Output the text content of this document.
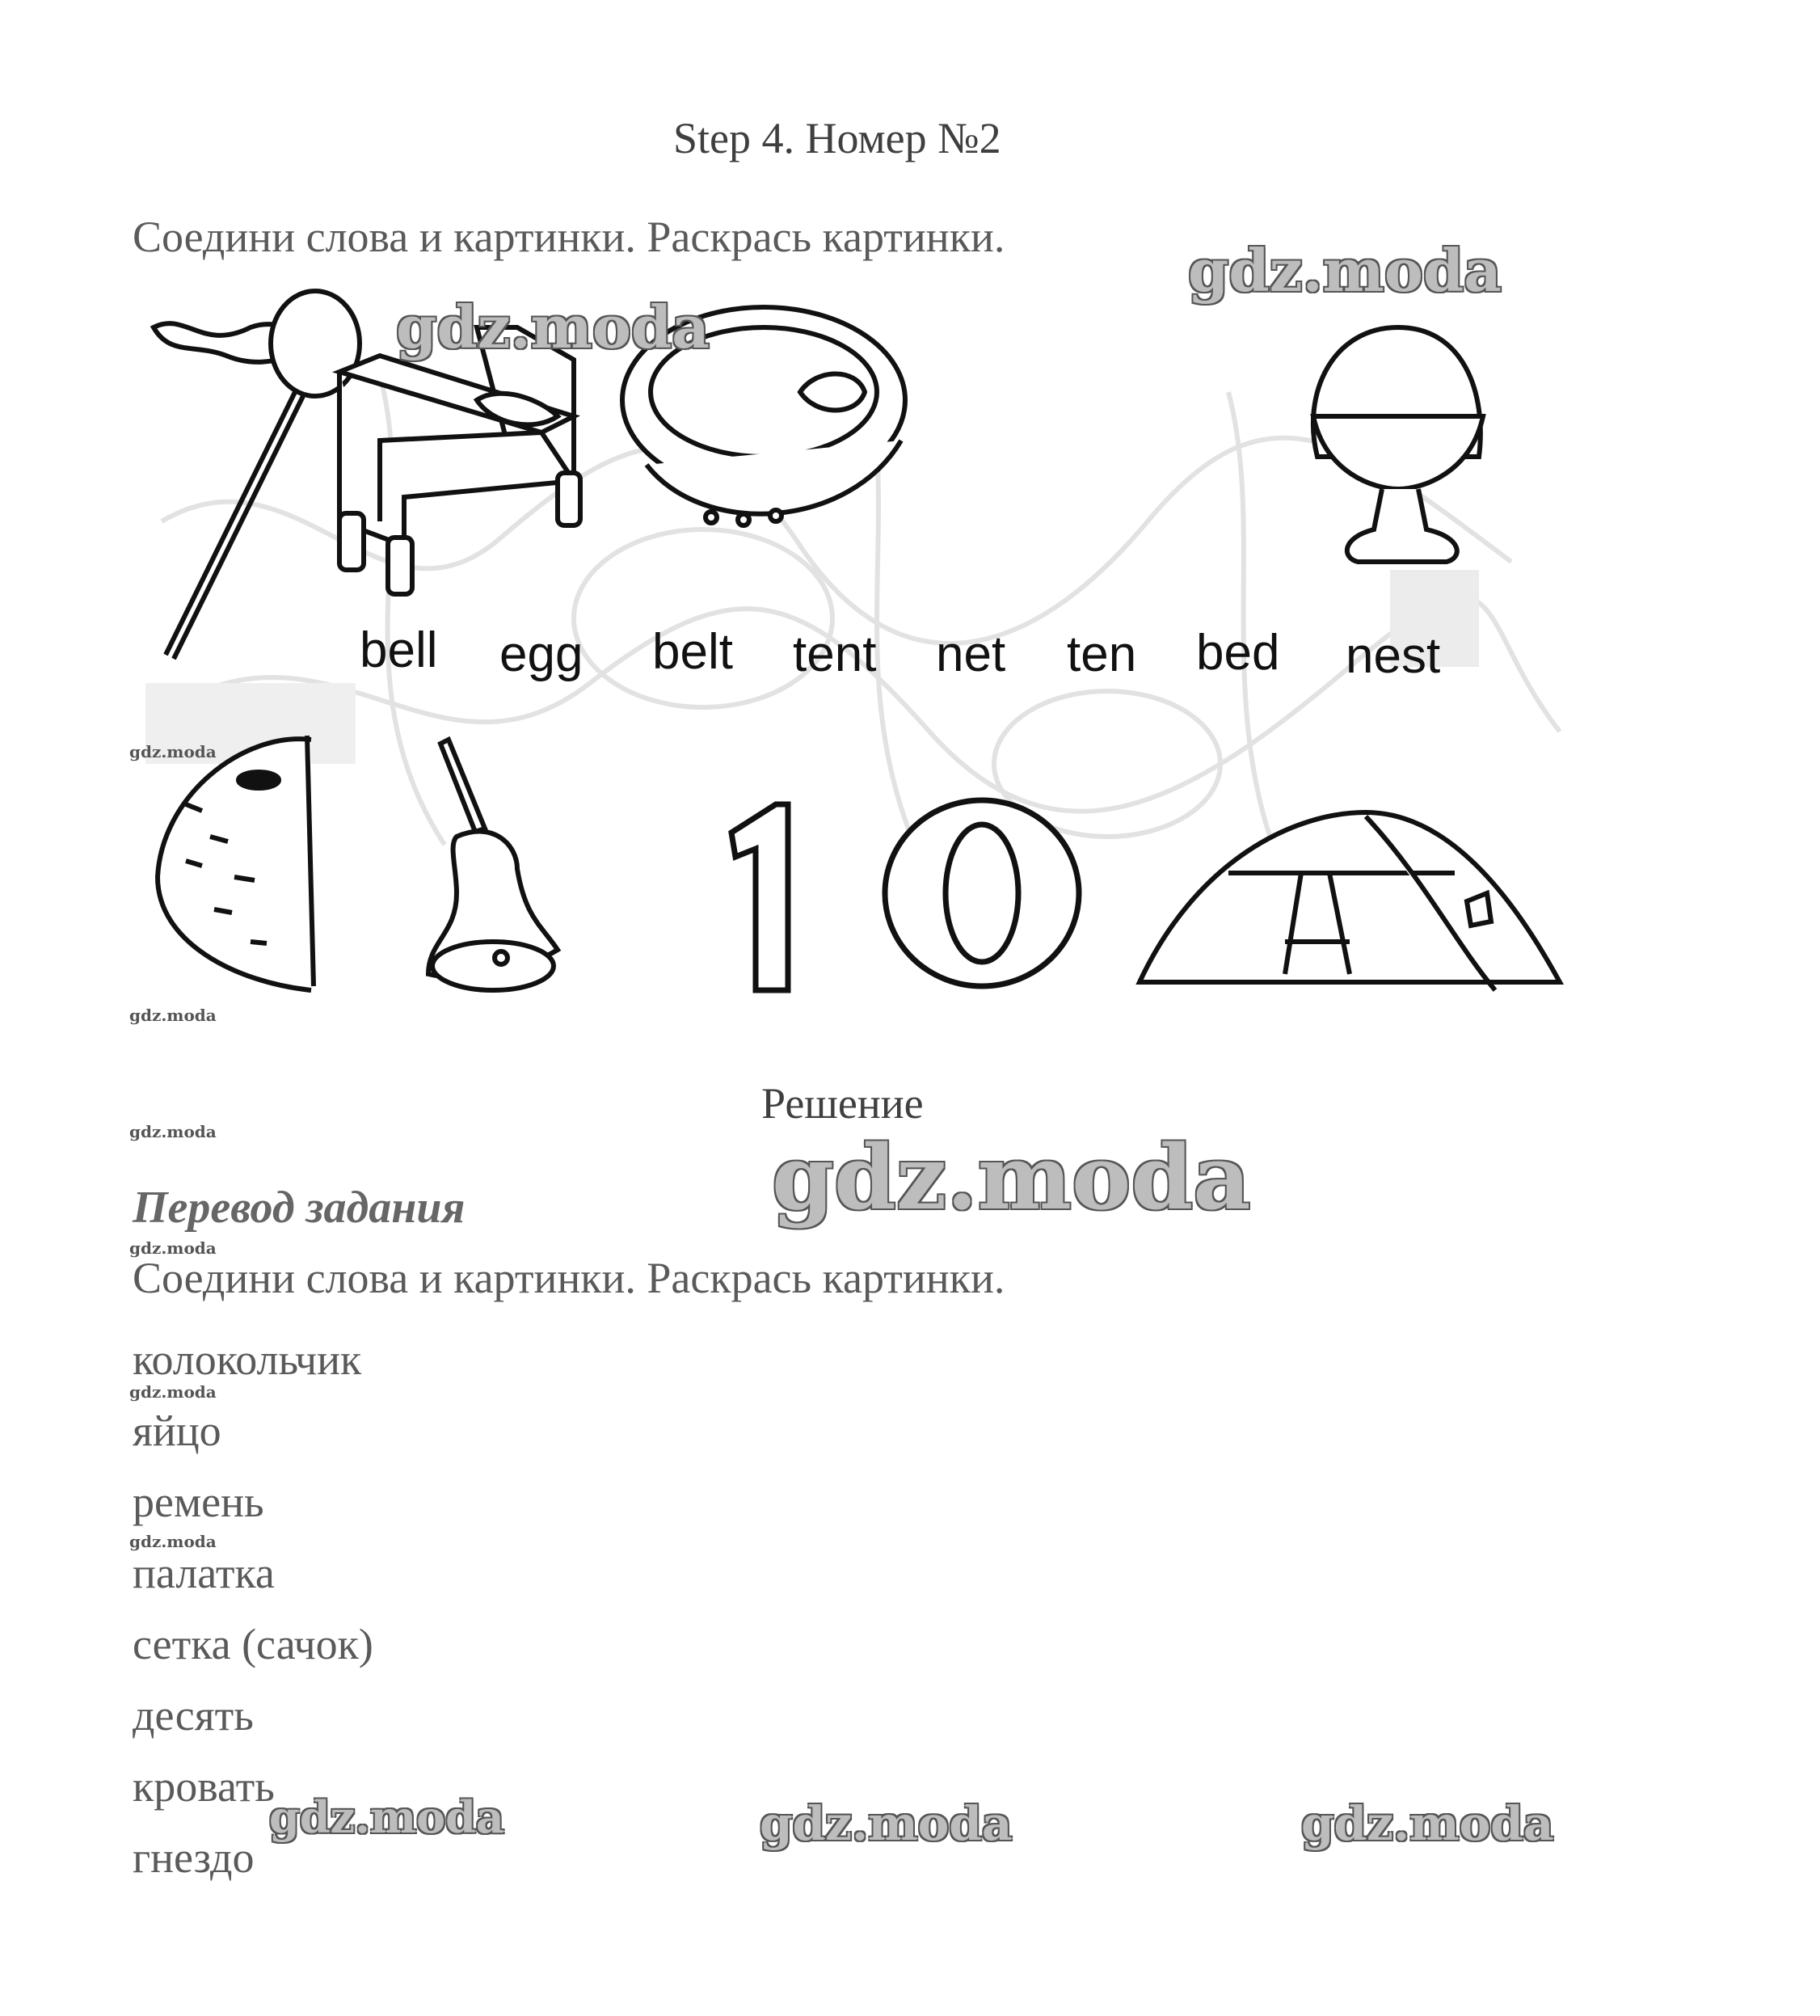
Step 4. Номер №2
Соедини слова и картинки. Раскрась картинки.
bell egg belt tent net ten bed nest
10
Решение
Перевод задания
Соедини слова и картинки. Раскрась картинки.
колокольчик
яйцо
ремень
палатка
сетка (сачок)
десять
кровать
гнездо
gdz.moda
gdz.moda
gdz.moda
gdz.moda	gdz.moda	gdz.moda
gdz.moda
gdz.moda
gdz.moda
gdz.moda
gdz.moda
gdz.moda
